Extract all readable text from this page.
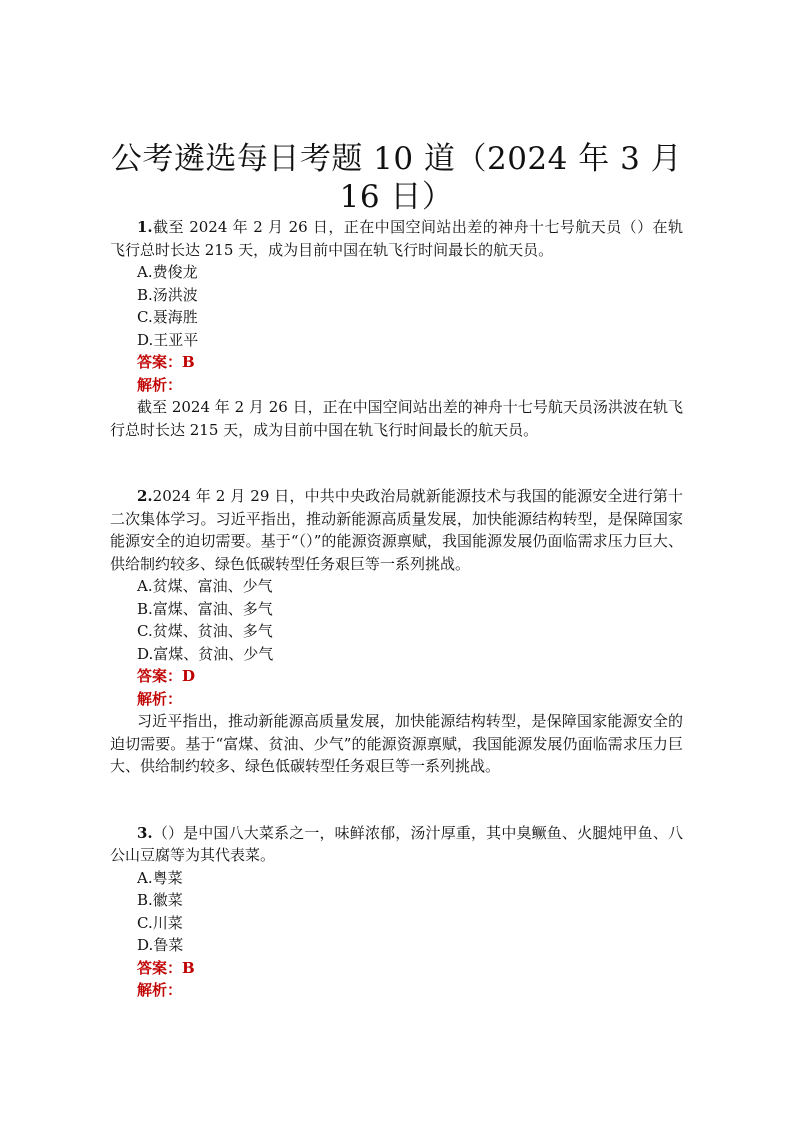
公考遴选每日考题 10 道（2024 年 3 月 16 日）

1.截至 2024 年 2 月 26 日，正在中国空间站出差的神舟十七号航天员（）在轨飞行总时长达 215 天，成为目前中国在轨飞行时间最长的航天员。

A.费俊龙
B.汤洪波
C.聂海胜
D.王亚平
答案：B
解析：

截至 2024 年 2 月 26 日，正在中国空间站出差的神舟十七号航天员汤洪波在轨飞行总时长达 215 天，成为目前中国在轨飞行时间最长的航天员。

2.2024 年 2 月 29 日，中共中央政治局就新能源技术与我国的能源安全进行第十二次集体学习。习近平指出，推动新能源高质量发展，加快能源结构转型，是保障国家能源安全的迫切需要。基于“（）”的能源资源禀赋，我国能源发展仍面临需求压力巨大、供给制约较多、绿色低碳转型任务艰巨等一系列挑战。

A.贫煤、富油、少气
B.富煤、富油、多气
C.贫煤、贫油、多气
D.富煤、贫油、少气
答案：D
解析：

习近平指出，推动新能源高质量发展，加快能源结构转型，是保障国家能源安全的迫切需要。基于“富煤、贫油、少气”的能源资源禀赋，我国能源发展仍面临需求压力巨大、供给制约较多、绿色低碳转型任务艰巨等一系列挑战。

3.（）是中国八大菜系之一，味鲜浓郁，汤汁厚重，其中臭鳜鱼、火腿炖甲鱼、八公山豆腐等为其代表菜。

A.粤菜
B.徽菜
C.川菜
D.鲁菜
答案：B
解析：
